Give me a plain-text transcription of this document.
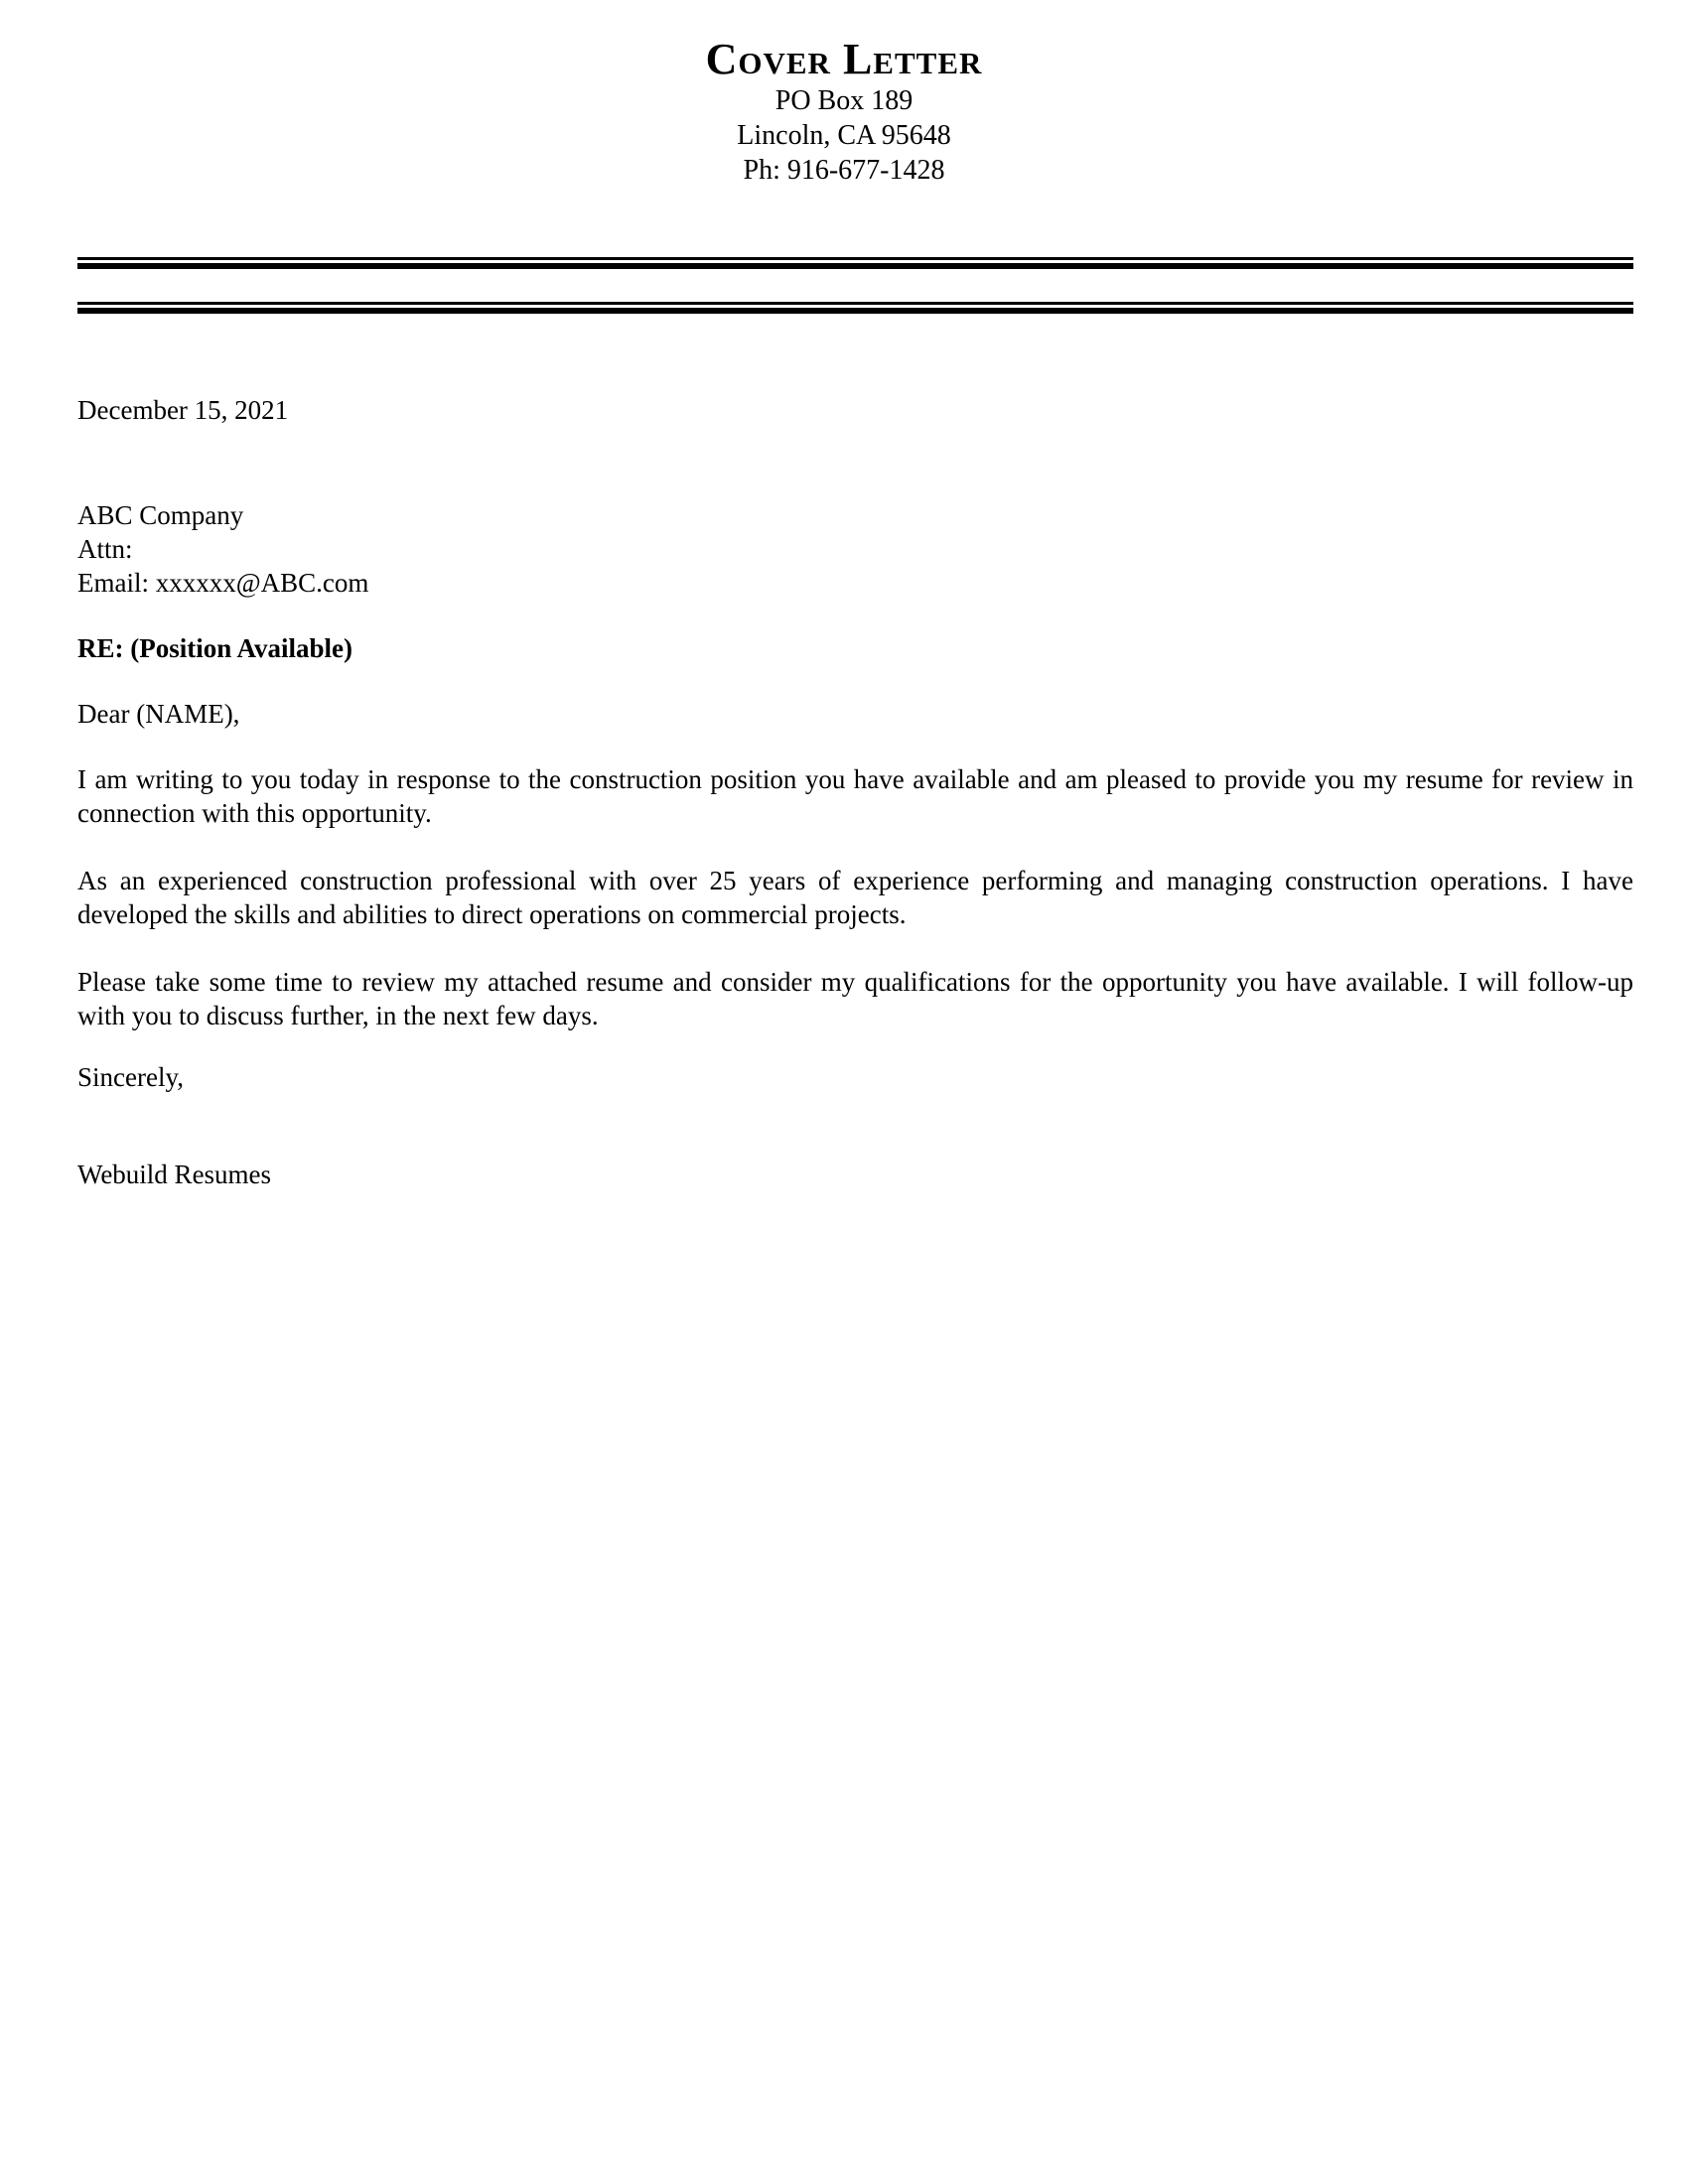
Cover Letter
PO Box 189
Lincoln, CA 95648
Ph: 916-677-1428
December 15, 2021
ABC Company
Attn:
Email: xxxxxx@ABC.com
RE: (Position Available)
Dear (NAME),
I am writing to you today in response to the construction position you have available and am pleased to provide you my resume for review in connection with this opportunity.
As an experienced construction professional with over 25 years of experience performing and managing construction operations. I have developed the skills and abilities to direct operations on commercial projects.
Please take some time to review my attached resume and consider my qualifications for the opportunity you have available. I will follow-up with you to discuss further, in the next few days.
Sincerely,
Webuild Resumes
